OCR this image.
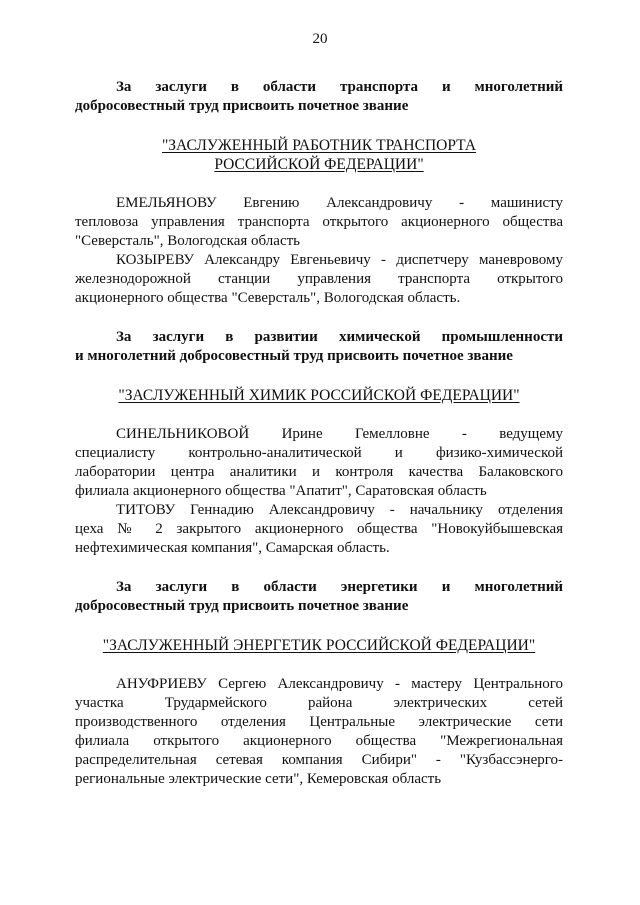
20
За заслуги в области транспорта и многолетний
добросовестный труд присвоить почетное звание
"ЗАСЛУЖЕННЫЙ РАБОТНИК ТРАНСПОРТА
РОССИЙСКОЙ ФЕДЕРАЦИИ"
ЕМЕЛЬЯНОВУ Евгению Александровичу - машинисту
тепловоза управления транспорта открытого акционерного общества
"Северсталь", Вологодская область
КОЗЫРЕВУ Александру Евгеньевичу - диспетчеру маневровому
железнодорожной станции управления транспорта открытого
акционерного общества "Северсталь", Вологодская область.
За заслуги в развитии химической промышленности
и многолетний добросовестный труд присвоить почетное звание
"ЗАСЛУЖЕННЫЙ ХИМИК РОССИЙСКОЙ ФЕДЕРАЦИИ"
СИНЕЛЬНИКОВОЙ Ирине Гемелловне - ведущему
специалисту контрольно-аналитической и физико-химической
лаборатории центра аналитики и контроля качества Балаковского
филиала акционерного общества "Апатит", Саратовская область
ТИТОВУ Геннадию Александровичу - начальнику отделения
цеха № 2 закрытого акционерного общества "Новокуйбышевская
нефтехимическая компания", Самарская область.
За заслуги в области энергетики и многолетний
добросовестный труд присвоить почетное звание
"ЗАСЛУЖЕННЫЙ ЭНЕРГЕТИК РОССИЙСКОЙ ФЕДЕРАЦИИ"
АНУФРИЕВУ Сергею Александровичу - мастеру Центрального
участка Трудармейского района электрических сетей
производственного отделения Центральные электрические сети
филиала открытого акционерного общества "Межрегиональная
распределительная сетевая компания Сибири" - "Кузбассэнерго-
региональные электрические сети", Кемеровская область
